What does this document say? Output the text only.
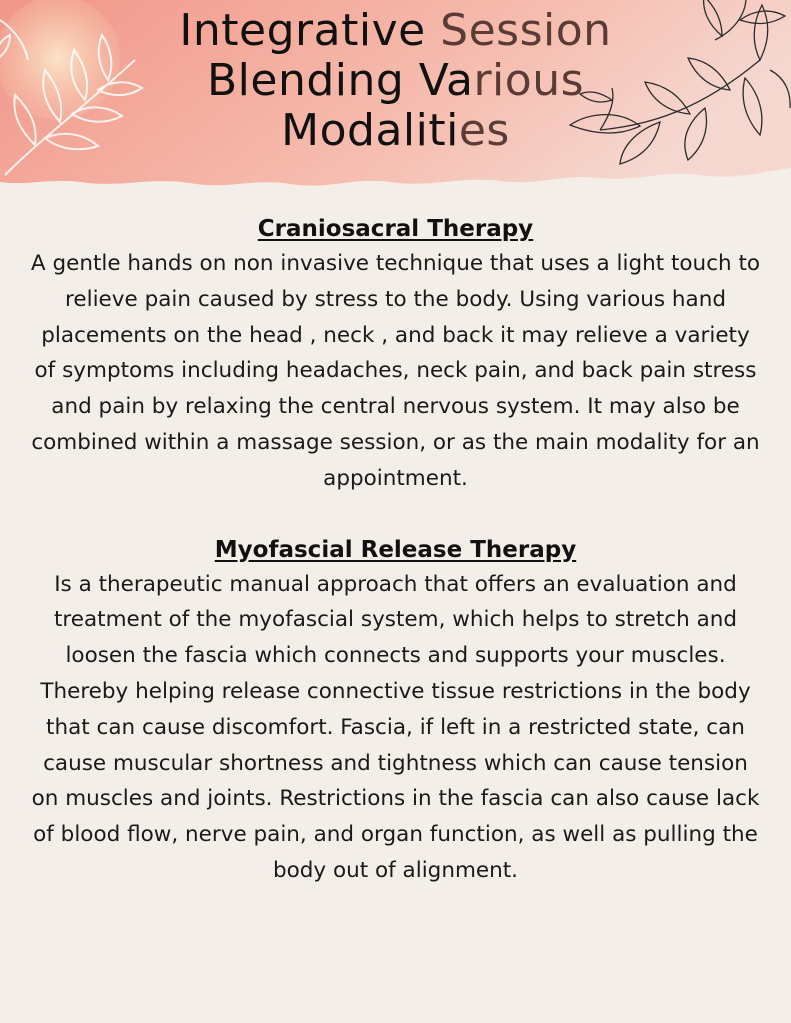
Integrative Session
Blending Various
Modalities
Craniosacral Therapy

A gentle hands on non invasive technique that uses a light touch to relieve pain caused by stress to the body. Using various hand placements on the head , neck , and back it may relieve a variety of symptoms including headaches, neck pain, and back pain stress and pain by relaxing the central nervous system. It may also be combined within a massage session, or as the main modality for an appointment.

Myofascial Release Therapy

Is a therapeutic manual approach that offers an evaluation and treatment of the myofascial system, which helps to stretch and loosen the fascia which connects and supports your muscles. Thereby helping release connective tissue restrictions in the body that can cause discomfort. Fascia, if left in a restricted state, can cause muscular shortness and tightness which can cause tension on muscles and joints. Restrictions in the fascia can also cause lack of blood flow, nerve pain, and organ function, as well as pulling the body out of alignment.
